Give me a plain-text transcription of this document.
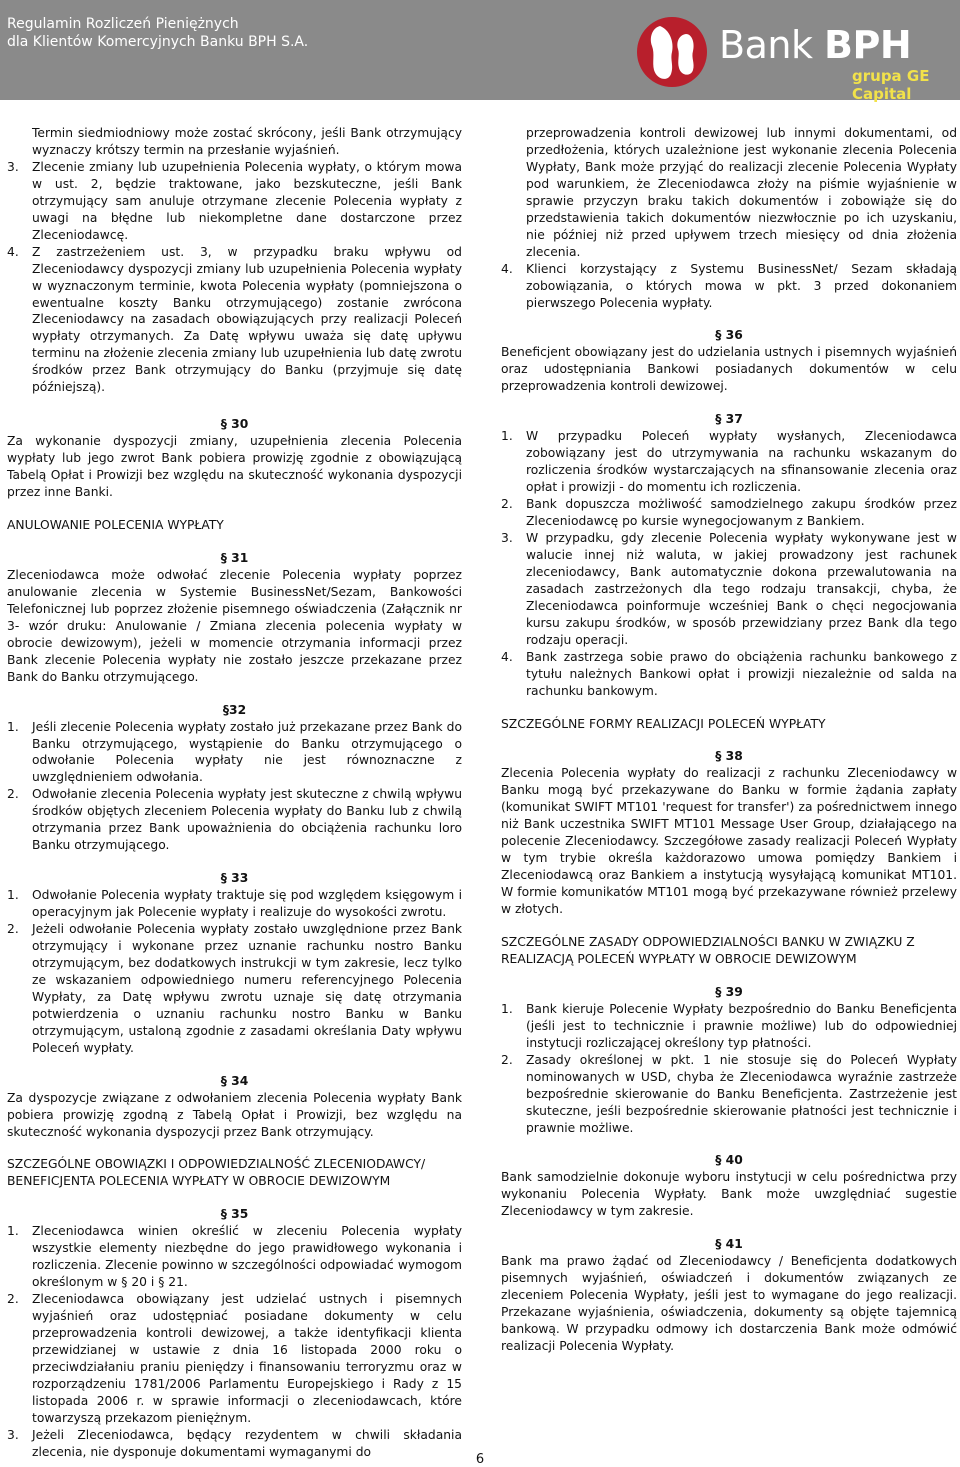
Regulamin Rozliczeń Pieniężnych
dla Klientów Komercyjnych Banku BPH S.A.	Bank BPH
grupa GE Capital

Termin siedmiodniowy może zostać skrócony, jeśli Bank otrzymujący wyznaczy krótszy termin na przesłanie wyjaśnień.

3.	Zlecenie zmiany lub uzupełnienia Polecenia wypłaty, o którym mowa w ust. 2, będzie traktowane, jako bezskuteczne, jeśli Bank otrzymujący sam anuluje otrzymane zlecenie Polecenia wypłaty z uwagi na błędne lub niekompletne dane dostarczone przez Zleceniodawcę.
4.	Z zastrzeżeniem ust. 3, w przypadku braku wpływu od Zleceniodawcy dyspozycji zmiany lub uzupełnienia Polecenia wypłaty w wyznaczonym terminie, kwota Polecenia wypłaty (pomniejszona o ewentualne koszty Banku otrzymującego) zostanie zwrócona Zleceniodawcy na zasadach obowiązujących przy realizacji Poleceń wypłaty otrzymanych. Za Datę wpływu uważa się datę upływu terminu na złożenie zlecenia zmiany lub uzupełnienia lub datę zwrotu środków przez Bank otrzymujący do Banku (przyjmuje się datę późniejszą).

§ 30

Za wykonanie dyspozycji zmiany, uzupełnienia zlecenia Polecenia wypłaty lub jego zwrot Bank pobiera prowizję zgodnie z obowiązującą Tabelą Opłat i Prowizji bez względu na skuteczność wykonania dyspozycji przez inne Banki.

ANULOWANIE POLECENIA WYPŁATY

§ 31

Zleceniodawca może odwołać zlecenie Polecenia wypłaty poprzez anulowanie zlecenia w Systemie BusinessNet/Sezam, Bankowości Telefonicznej lub poprzez złożenie pisemnego oświadczenia (Załącznik nr 3- wzór druku: Anulowanie / Zmiana zlecenia polecenia wypłaty w obrocie dewizowym), jeżeli w momencie otrzymania informacji przez Bank zlecenie Polecenia wypłaty nie zostało jeszcze przekazane przez Bank do Banku otrzymującego.

§32

1.	Jeśli zlecenie Polecenia wypłaty zostało już przekazane przez Bank do Banku otrzymującego, wystąpienie do Banku otrzymującego o odwołanie Polecenia wypłaty nie jest równoznaczne z uwzględnieniem odwołania.
2.	Odwołanie zlecenia Polecenia wypłaty jest skuteczne z chwilą wpływu środków objętych zleceniem Polecenia wypłaty do Banku lub z chwilą otrzymania przez Bank upoważnienia do obciążenia rachunku loro Banku otrzymującego.

§ 33

1.	Odwołanie Polecenia wypłaty traktuje się pod względem księgowym i operacyjnym jak Polecenie wypłaty i realizuje do wysokości zwrotu.
2.	Jeżeli odwołanie Polecenia wypłaty zostało uwzględnione przez Bank otrzymujący i wykonane przez uznanie rachunku nostro Banku otrzymującym, bez dodatkowych instrukcji w tym zakresie, lecz tylko ze wskazaniem odpowiedniego numeru referencyjnego Polecenia Wypłaty, za Datę wpływu zwrotu uznaje się datę otrzymania potwierdzenia o uznaniu rachunku nostro Banku w Banku otrzymującym, ustaloną zgodnie z zasadami określania Daty wpływu Poleceń wypłaty.

§ 34

Za dyspozycje związane z odwołaniem zlecenia Polecenia wypłaty Bank pobiera prowizję zgodną z Tabelą Opłat i Prowizji, bez względu na skuteczność wykonania dyspozycji przez Bank otrzymujący.

SZCZEGÓLNE OBOWIĄZKI I ODPOWIEDZIALNOŚĆ ZLECENIODAWCY/ BENEFICJENTA POLECENIA WYPŁATY W OBROCIE DEWIZOWYM

§ 35

1.	Zleceniodawca winien określić w zleceniu Polecenia wypłaty wszystkie elementy niezbędne do jego prawidłowego wykonania i rozliczenia. Zlecenie powinno w szczególności odpowiadać wymogom określonym w § 20 i § 21.
2.	Zleceniodawca obowiązany jest udzielać ustnych i pisemnych wyjaśnień oraz udostępniać posiadane dokumenty w celu przeprowadzenia kontroli dewizowej, a także identyfikacji klienta przewidzianej w ustawie z dnia 16 listopada 2000 roku o przeciwdziałaniu praniu pieniędzy i finansowaniu terroryzmu oraz w rozporządzeniu 1781/2006 Parlamentu Europejskiego i Rady z 15 listopada 2006 r. w sprawie informacji o zleceniodawcach, które towarzyszą przekazom pieniężnym.
3.	Jeżeli Zleceniodawca, będący rezydentem w chwili składania zlecenia, nie dysponuje dokumentami wymaganymi do

przeprowadzenia kontroli dewizowej lub innymi dokumentami, od przedłożenia, których uzależnione jest wykonanie zlecenia Polecenia Wypłaty, Bank może przyjąć do realizacji zlecenie Polecenia Wypłaty pod warunkiem, że Zleceniodawca złoży na piśmie wyjaśnienie w sprawie przyczyn braku takich dokumentów i zobowiąże się do przedstawienia takich dokumentów niezwłocznie po ich uzyskaniu, nie później niż przed upływem trzech miesięcy od dnia złożenia zlecenia.

4.	Klienci korzystający z Systemu BusinessNet/ Sezam składają zobowiązania, o których mowa w pkt. 3 przed dokonaniem pierwszego Polecenia wypłaty.

§ 36

Beneficjent obowiązany jest do udzielania ustnych i pisemnych wyjaśnień oraz udostępniania Bankowi posiadanych dokumentów w celu przeprowadzenia kontroli dewizowej.

§ 37

1.	W przypadku Poleceń wypłaty wysłanych, Zleceniodawca zobowiązany jest do utrzymywania na rachunku wskazanym do rozliczenia środków wystarczających na sfinansowanie zlecenia oraz opłat i prowizji - do momentu ich rozliczenia.
2.	Bank dopuszcza możliwość samodzielnego zakupu środków przez Zleceniodawcę po kursie wynegocjowanym z Bankiem.
3.	W przypadku, gdy zlecenie Polecenia wypłaty wykonywane jest w walucie innej niż waluta, w jakiej prowadzony jest rachunek zleceniodawcy, Bank automatycznie dokona przewalutowania na zasadach zastrzeżonych dla tego rodzaju transakcji, chyba, że Zleceniodawca poinformuje wcześniej Bank o chęci negocjowania kursu zakupu środków, w sposób przewidziany przez Bank dla tego rodzaju operacji.
4.	Bank zastrzega sobie prawo do obciążenia rachunku bankowego z tytułu należnych Bankowi opłat i prowizji niezależnie od salda na rachunku bankowym.

SZCZEGÓLNE FORMY REALIZACJI POLECEŃ WYPŁATY

§ 38

Zlecenia Polecenia wypłaty do realizacji z rachunku Zleceniodawcy w Banku mogą być przekazywane do Banku w formie żądania zapłaty (komunikat SWIFT MT101 'request for transfer') za pośrednictwem innego niż Bank uczestnika SWIFT MT101 Message User Group, działającego na polecenie Zleceniodawcy. Szczegółowe zasady realizacji Poleceń Wypłaty w tym trybie określa każdorazowo umowa pomiędzy Bankiem i Zleceniodawcą oraz Bankiem a instytucją wysyłającą komunikat MT101. W formie komunikatów MT101 mogą być przekazywane również przelewy w złotych.

SZCZEGÓLNE ZASADY ODPOWIEDZIALNOŚCI BANKU W ZWIĄZKU Z REALIZACJĄ POLECEŃ WYPŁATY W OBROCIE DEWIZOWYM

§ 39

1.	Bank kieruje Polecenie Wypłaty bezpośrednio do Banku Beneficjenta (jeśli jest to technicznie i prawnie możliwe) lub do odpowiedniej instytucji rozliczającej określony typ płatności.
2.	Zasady określonej w pkt. 1 nie stosuje się do Poleceń Wypłaty nominowanych w USD, chyba że Zleceniodawca wyraźnie zastrzeże bezpośrednie skierowanie do Banku Beneficjenta. Zastrzeżenie jest skuteczne, jeśli bezpośrednie skierowanie płatności jest technicznie i prawnie możliwe.

§ 40

Bank samodzielnie dokonuje wyboru instytucji w celu pośrednictwa przy wykonaniu Polecenia Wypłaty. Bank może uwzględniać sugestie Zleceniodawcy w tym zakresie.

§ 41

Bank ma prawo żądać od Zleceniodawcy / Beneficjenta dodatkowych pisemnych wyjaśnień, oświadczeń i dokumentów związanych ze zleceniem Polecenia Wypłaty, jeśli jest to wymagane do jego realizacji. Przekazane wyjaśnienia, oświadczenia, dokumenty są objęte tajemnicą bankową. W przypadku odmowy ich dostarczenia Bank może odmówić realizacji Polecenia Wypłaty.

6
